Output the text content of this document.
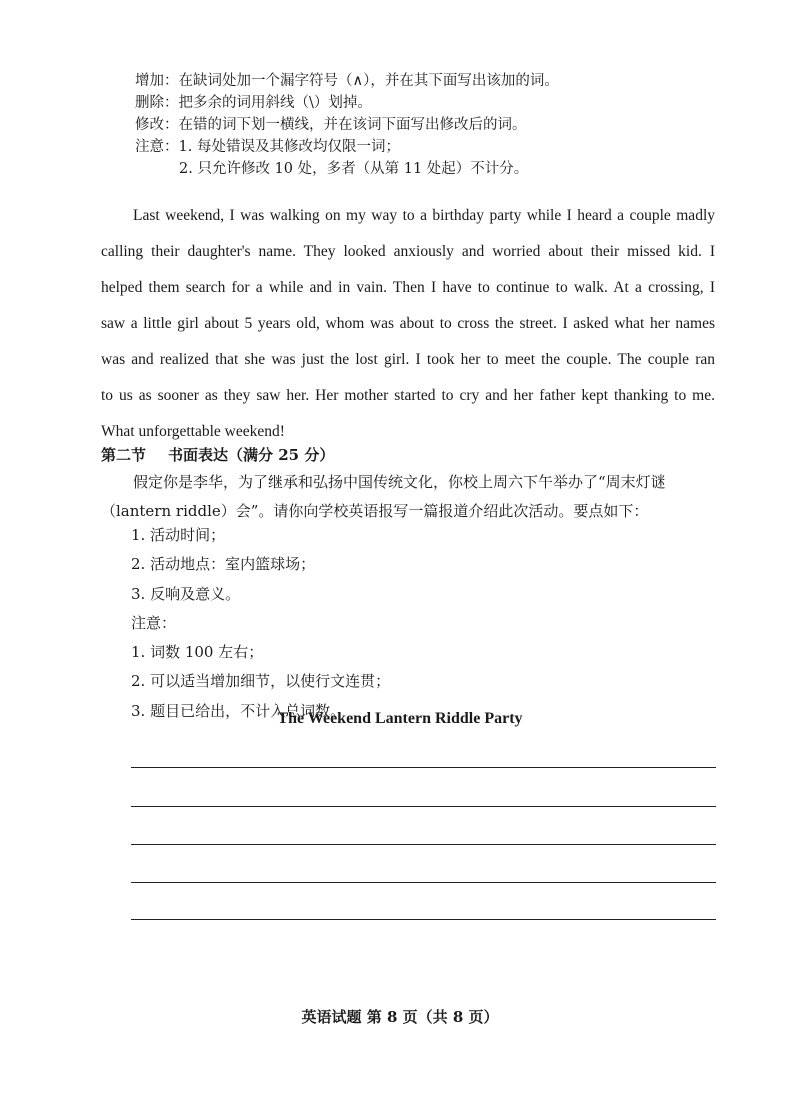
增加：在缺词处加一个漏字符号（∧），并在其下面写出该加的词。
删除：把多余的词用斜线（\）划掉。
修改：在错的词下划一横线，并在该词下面写出修改后的词。
注意：1. 每处错误及其修改均仅限一词；
2. 只允许修改 10 处，多者（从第 11 处起）不计分。
Last weekend, I was walking on my way to a birthday party while I heard a couple madly
calling their daughter's name. They looked anxiously and worried about their missed kid. I
helped them search for a while and in vain. Then I have to continue to walk. At a crossing, I
saw a little girl about 5 years old, whom was about to cross the street. I asked what her names
was and realized that she was just the lost girl. I took her to meet the couple. The couple ran
to us as sooner as they saw her. Her mother started to cry and her father kept thanking to me.
What unforgettable weekend!
第二节 书面表达（满分 25 分）
假定你是李华，为了继承和弘扬中国传统文化，你校上周六下午举办了“周末灯谜
（lantern riddle）会”。请你向学校英语报写一篇报道介绍此次活动。要点如下：
1. 活动时间；
2. 活动地点：室内篮球场；
3. 反响及意义。
注意：
1. 词数 100 左右；
2. 可以适当增加细节，以使行文连贯；
3. 题目已给出，不计入总词数。
The Weekend Lantern Riddle Party
英语试题 第 8 页（共 8 页）
